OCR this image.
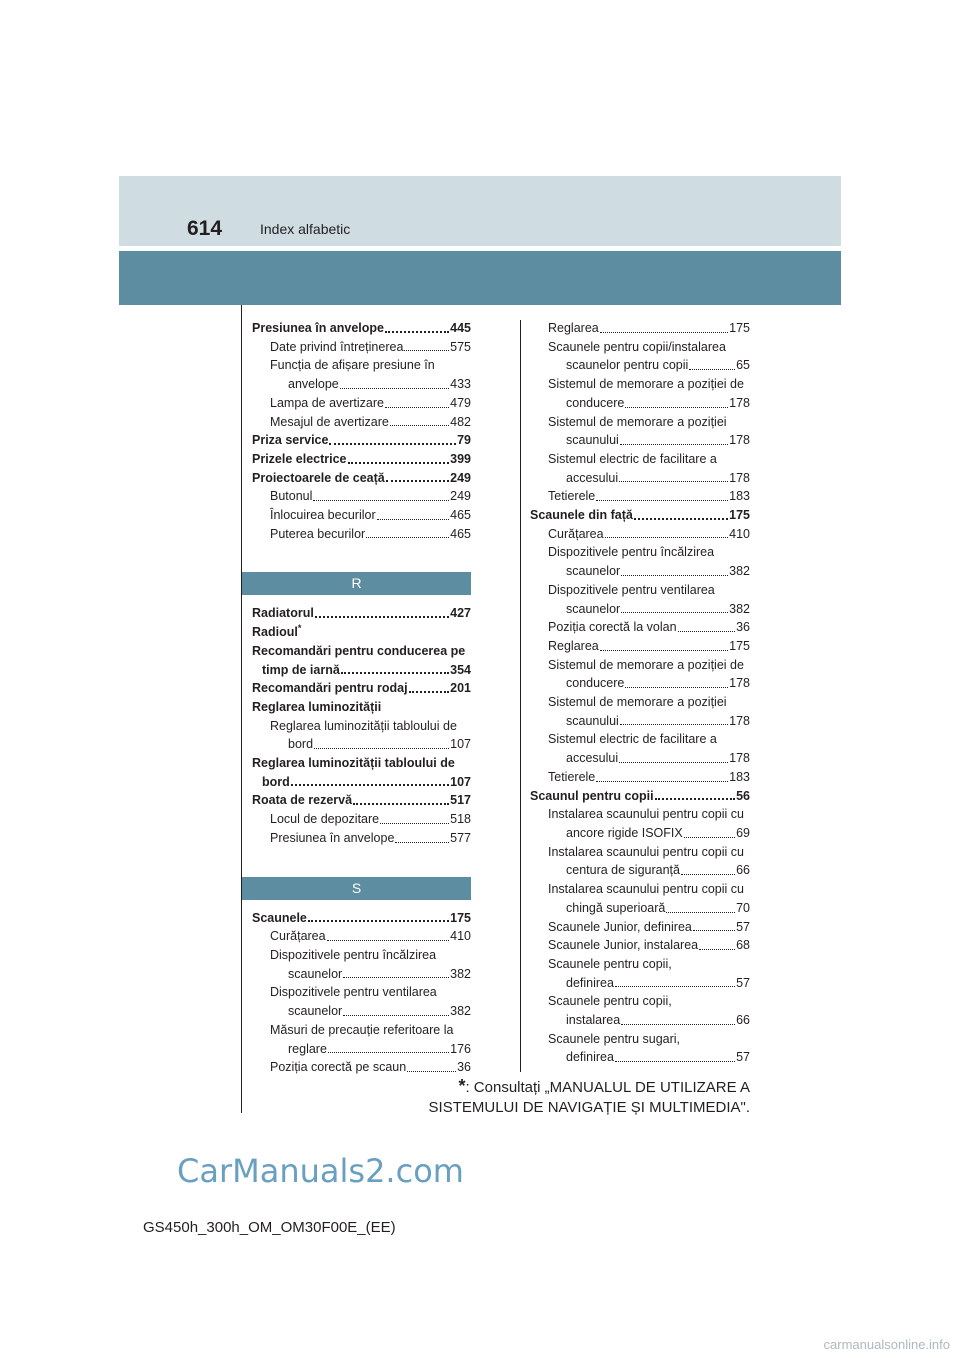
614	Index alfabetic
Presiunea în anvelope	445
Date privind întreținerea	575
Funcția de afișare presiune în
anvelope	433
Lampa de avertizare	479
Mesajul de avertizare	482
Priza service	79
Prizele electrice	399
Proiectoarele de ceață	249
Butonul	249
Înlocuirea becurilor	465
Puterea becurilor	465
R
Radiatorul	427
Radioul*
Recomandări pentru conducerea pe
timp de iarnă	354
Recomandări pentru rodaj	201
Reglarea luminozității
Reglarea luminozității tabloului de
bord	107
Reglarea luminozității tabloului de
bord	107
Roata de rezervă	517
Locul de depozitare	518
Presiunea în anvelope	577
S
Scaunele	175
Curățarea	410
Dispozitivele pentru încălzirea
scaunelor	382
Dispozitivele pentru ventilarea
scaunelor	382
Măsuri de precauție referitoare la
reglare	176
Poziția corectă pe scaun	36
Reglarea	175
Scaunele pentru copii/instalarea
scaunelor pentru copii	65
Sistemul de memorare a poziției de
conducere	178
Sistemul de memorare a poziției
scaunului	178
Sistemul electric de facilitare a
accesului	178
Tetierele	183
Scaunele din față	175
Curățarea	410
Dispozitivele pentru încălzirea
scaunelor	382
Dispozitivele pentru ventilarea
scaunelor	382
Poziția corectă la volan	36
Reglarea	175
Sistemul de memorare a poziției de
conducere	178
Sistemul de memorare a poziției
scaunului	178
Sistemul electric de facilitare a
accesului	178
Tetierele	183
Scaunul pentru copii	56
Instalarea scaunului pentru copii cu
ancore rigide ISOFIX	69
Instalarea scaunului pentru copii cu
centura de siguranță	66
Instalarea scaunului pentru copii cu
chingă superioară	70
Scaunele Junior, definirea	57
Scaunele Junior, instalarea	68
Scaunele pentru copii,
definirea	57
Scaunele pentru copii,
instalarea	66
Scaunele pentru sugari,
definirea	57
*: Consultați „MANUALUL DE UTILIZARE A
SISTEMULUI DE NAVIGAȚIE ȘI MULTIMEDIA".
CarManuals2.com
GS450h_300h_OM_OM30F00E_(EE)
carmanualsonline.info
